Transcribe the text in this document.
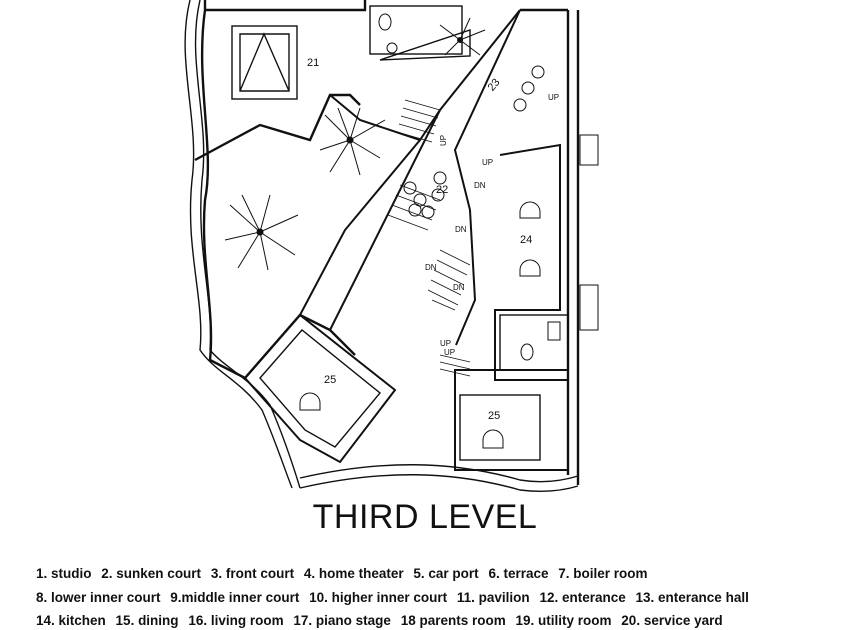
21
22
23
24
25
25
UP
UP
UP
UP
UP
DN
DN
DN
DN
THIRD LEVEL
1. studio 2. sunken court 3. front court 4. home theater 5. car port 6. terrace 7. boiler room
8. lower inner court 9.middle inner court 10. higher inner court 11. pavilion 12. enterance 13. enterance hall
14. kitchen 15. dining 16. living room 17. piano stage 18 parents room 19. utility room 20. service yard
